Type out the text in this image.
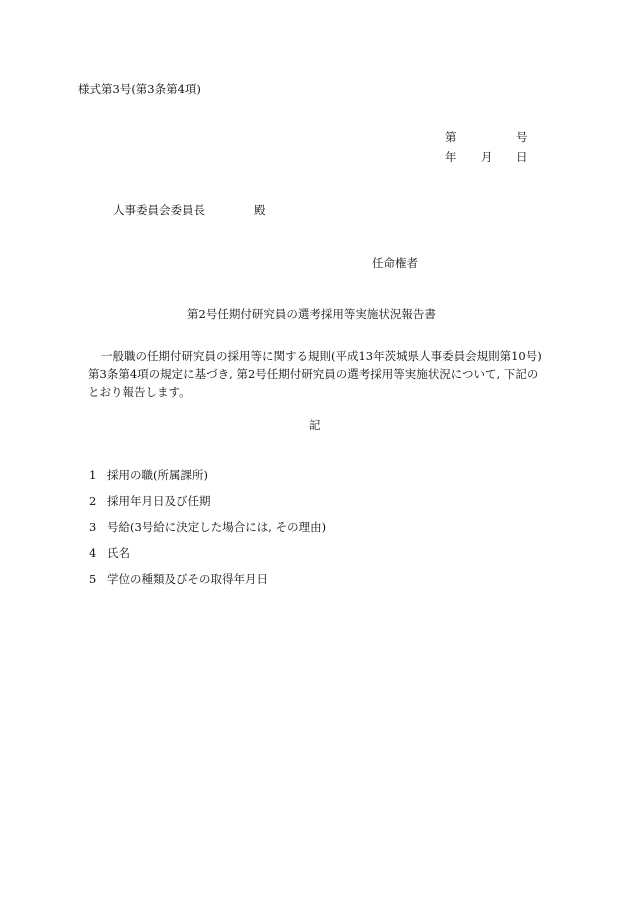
様式第3号(第3条第4項)
第	号
年 月 日
人事委員会委員長	殿
任命権者
第2号任期付研究員の選考採用等実施状況報告書
一般職の任期付研究員の採用等に関する規則(平成13年茨城県人事委員会規則第10号)
第3条第4項の規定に基づき, 第2号任期付研究員の選考採用等実施状況について, 下記の
とおり報告します。
記
1 採用の職(所属課所)
2 採用年月日及び任期
3 号給(3号給に決定した場合には, その理由)
4 氏名
5 学位の種類及びその取得年月日
